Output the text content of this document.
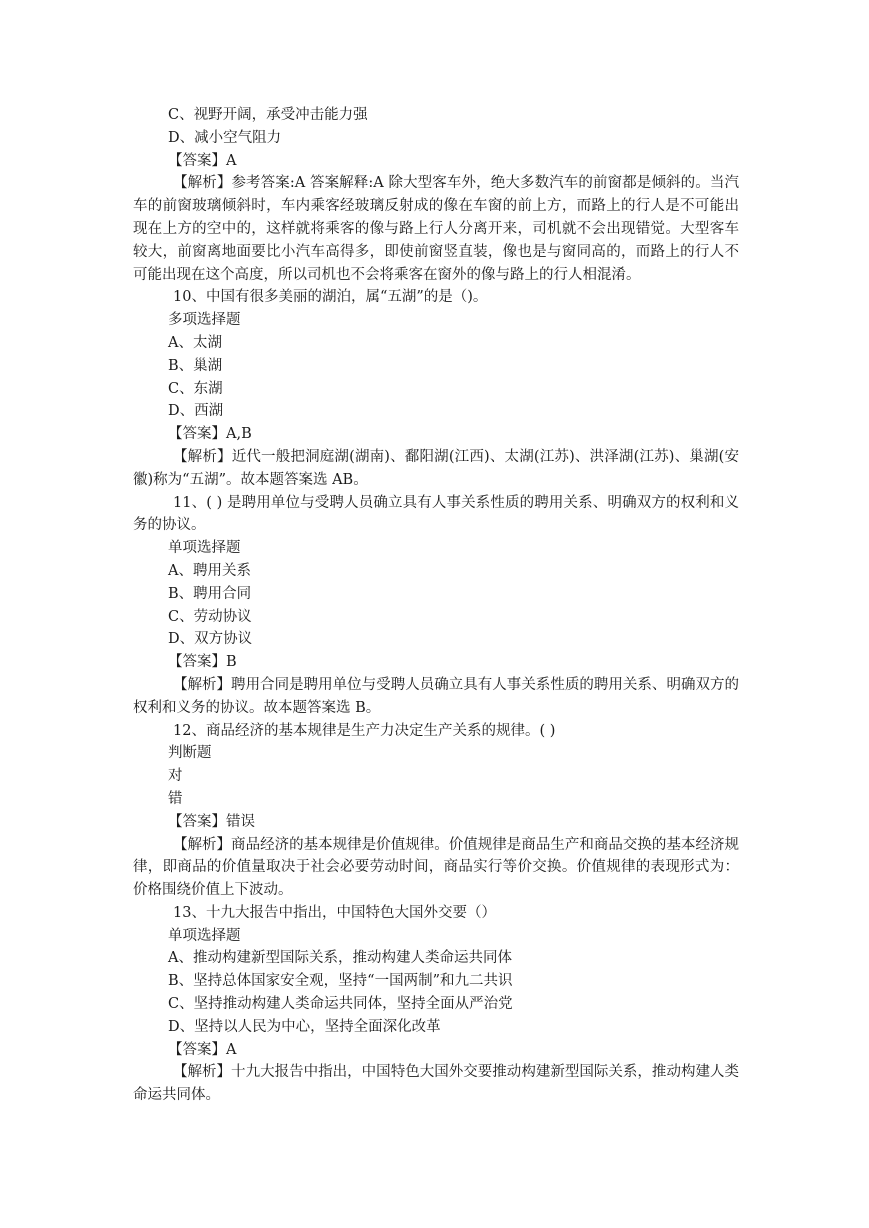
C、视野开阔，承受冲击能力强
D、减小空气阻力
【答案】A
【解析】参考答案:A 答案解释:A 除大型客车外，绝大多数汽车的前窗都是倾斜的。当汽车的前窗玻璃倾斜时，车内乘客经玻璃反射成的像在车窗的前上方，而路上的行人是不可能出现在上方的空中的，这样就将乘客的像与路上行人分离开来，司机就不会出现错觉。大型客车较大，前窗离地面要比小汽车高得多，即使前窗竖直装，像也是与窗同高的，而路上的行人不可能出现在这个高度，所以司机也不会将乘客在窗外的像与路上的行人相混淆。
10、中国有很多美丽的湖泊，属“五湖”的是（)。
多项选择题
A、太湖
B、巢湖
C、东湖
D、西湖
【答案】A,B
【解析】近代一般把洞庭湖(湖南)、鄱阳湖(江西)、太湖(江苏)、洪泽湖(江苏)、巢湖(安徽)称为“五湖”。故本题答案选 AB。
11、( ) 是聘用单位与受聘人员确立具有人事关系性质的聘用关系、明确双方的权利和义务的协议。
单项选择题
A、聘用关系
B、聘用合同
C、劳动协议
D、双方协议
【答案】B
【解析】聘用合同是聘用单位与受聘人员确立具有人事关系性质的聘用关系、明确双方的权利和义务的协议。故本题答案选 B。
12、商品经济的基本规律是生产力决定生产关系的规律。( )
判断题
对
错
【答案】错误
【解析】商品经济的基本规律是价值规律。价值规律是商品生产和商品交换的基本经济规律，即商品的价值量取决于社会必要劳动时间，商品实行等价交换。价值规律的表现形式为：价格围绕价值上下波动。
13、十九大报告中指出，中国特色大国外交要（）
单项选择题
A、推动构建新型国际关系，推动构建人类命运共同体
B、坚持总体国家安全观，坚持“一国两制”和九二共识
C、坚持推动构建人类命运共同体，坚持全面从严治党
D、坚持以人民为中心，坚持全面深化改革
【答案】A
【解析】十九大报告中指出，中国特色大国外交要推动构建新型国际关系，推动构建人类命运共同体。
